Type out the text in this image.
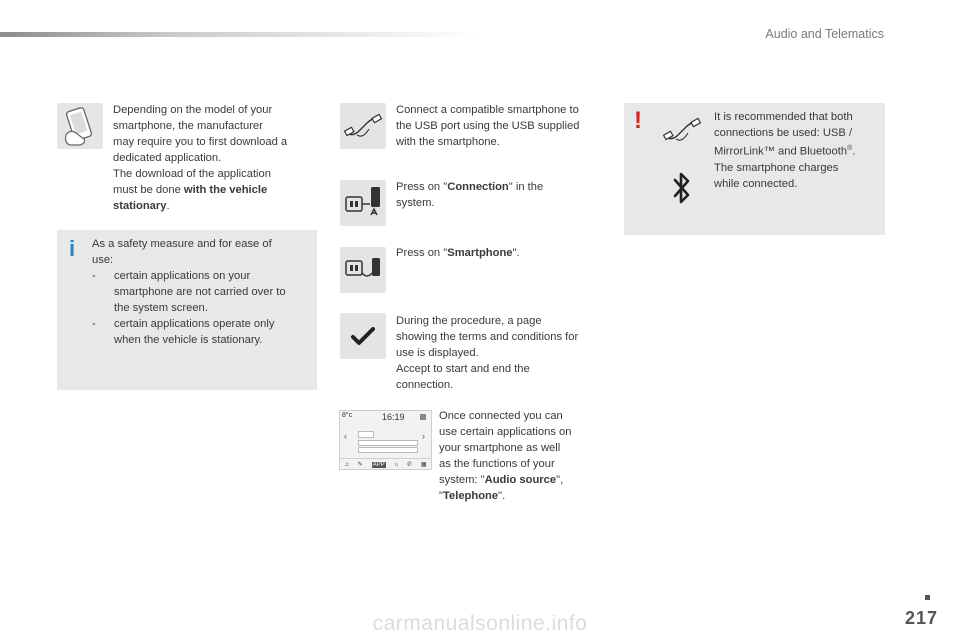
Audio and Telematics
Depending on the model of your
smartphone, the manufacturer
may require you to first download a
dedicated application.
The download of the application
must be done with the vehicle
stationary.
i As a safety measure and for ease of
use:
- certain applications on your
smartphone are not carried over to
the system screen.
- certain applications operate only
when the vehicle is stationary.
Connect a compatible smartphone to
the USB port using the USB supplied
with the smartphone.
Press on "Connection" in the
system.
Press on "Smartphone".
During the procedure, a page
showing the terms and conditions for
use is displayed.
Accept to start and end the
connection.
8°c	16:19
‹	›
♫ ✎ APP ⌂ ✆ ▦
Once connected you can
use certain applications on
your smartphone as well
as the functions of your
system: "Audio source",
"Telephone".
!	It is recommended that both
connections be used: USB /
MirrorLink™ and Bluetooth®.
The smartphone charges
while connected.
217
carmanualsonline.info
